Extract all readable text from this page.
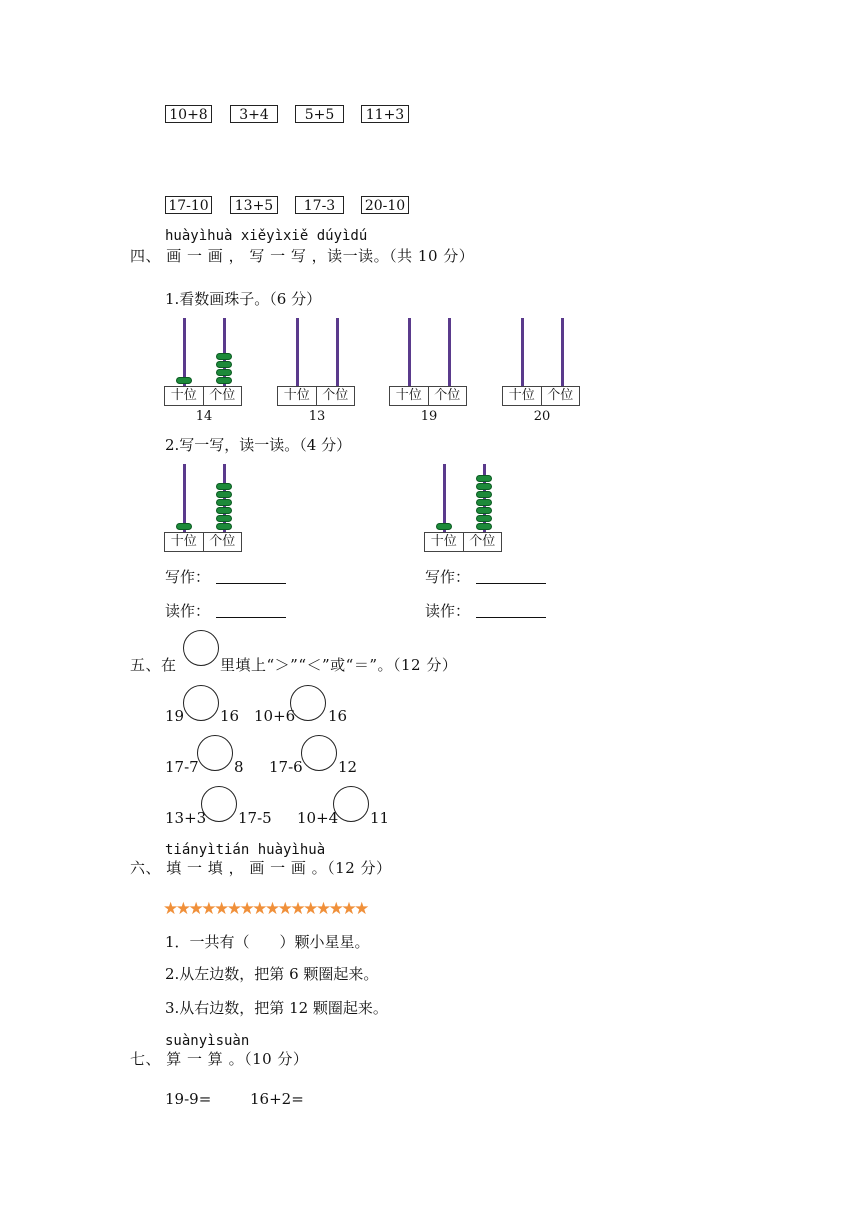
10+8	3+4	5+5	11+3
17-10	13+5	17-3	20-10
huàyìhuà xiěyìxiě dúyìdú
四、 画 一 画 ， 写 一 写 ，读一读。（共 10 分）
1.看数画珠子。（6 分）
十位 个位
14
十位 个位
13
十位 个位
19
十位 个位
20
2.写一写，读一读。（4 分）
十位 个位	十位 个位
写作：	写作：
读作：	读作：
五、在	里填上“＞”“＜”或“＝”。（12 分）
19 16 10+6 16
17-7 8 17-6 12
13+3 17-5 10+4 11
tiányìtián huàyìhuà
六、 填 一 填 ， 画 一 画 。（12 分）
★★★★★★★★★★★★★★★★
1．一共有（　　）颗小星星。
2.从左边数，把第 6 颗圈起来。
3.从右边数，把第 12 颗圈起来。
suànyìsuàn
七、 算 一 算 。（10 分）
19-9=	16+2=
